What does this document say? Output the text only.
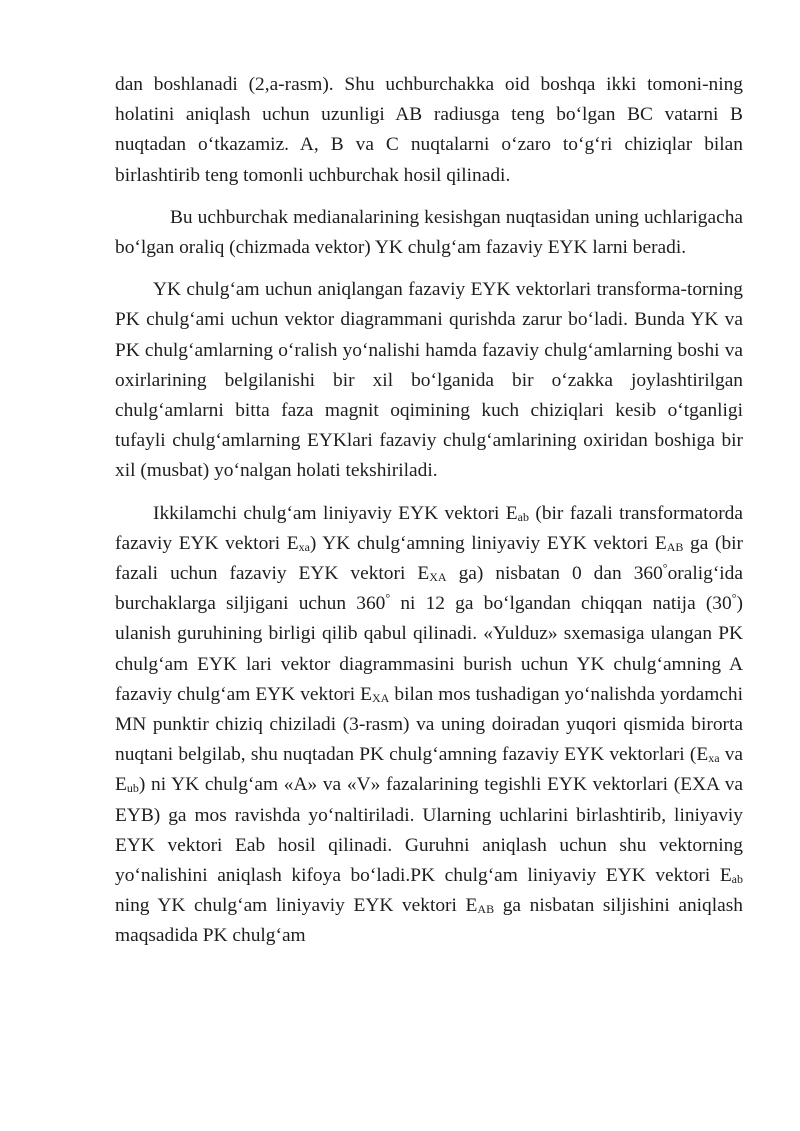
dan boshlanadi (2,a-rasm). Shu uchburchakka oid boshqa ikki tomoni-ning holatini aniqlash uchun uzunligi AB radiusga teng bo‘lgan BC vatarni B nuqtadan o‘tkazamiz. A, B va C nuqtalarni o‘zaro to‘g‘ri chiziqlar bilan birlashtirib teng tomonli uchburchak hosil qilinadi.

Bu uchburchak medianalarining kesishgan nuqtasidan uning uchlarigacha bo‘lgan oraliq (chizmada vektor) YK chulg‘am fazaviy EYK larni beradi.

YK chulg‘am uchun aniqlangan fazaviy EYK vektorlari transforma-torning PK chulg‘ami uchun vektor diagrammani qurishda zarur bo‘ladi. Bunda YK va PK chulg‘amlarning o‘ralish yo‘nalishi hamda fazaviy chulg‘amlarning boshi va oxirlarining belgilanishi bir xil bo‘lganida bir o‘zakka joylashtirilgan chulg‘amlarni bitta faza magnit oqimining kuch chiziqlari kesib o‘tganligi tufayli chulg‘amlarning EYKlari fazaviy chulg‘amlarining oxiridan boshiga bir xil (musbat) yo‘nalgan holati tekshiriladi.

Ikkilamchi chulg‘am liniyaviy EYK vektori $E_{ab}$ (bir fazali transformatorda fazaviy EYK vektori $E_{xa}$) YK chulg‘amning liniyaviy EYK vektori $E_{AB}$ ga (bir fazali uchun fazaviy EYK vektori $E_{XA}$ ga) nisbatan 0 dan 360°oralig‘ida burchaklarga siljigani uchun 360° ni 12 ga bo‘lgandan chiqqan natija (30°) ulanish guruhining birligi qilib qabul qilinadi. «Yulduz» sxemasiga ulangan PK chulg‘am EYK lari vektor diagrammasini burish uchun YK chulg‘amning A fazaviy chulg‘am EYK vektori $E_{XA}$ bilan mos tushadigan yo‘nalishda yordamchi MN punktir chiziq chiziladi (3-rasm) va uning doiradan yuqori qismida birorta nuqtani belgilab, shu nuqtadan PK chulg‘amning fazaviy EYK vektorlari ($E_{xa}$ va $E_{ub}$) ni YK chulg‘am «A» va «V» fazalarining tegishli EYK vektorlari (EXA va EYB) ga mos ravishda yo‘naltiriladi. Ularning uchlarini birlashtirib, liniyaviy EYK vektori Eab hosil qilinadi. Guruhni aniqlash uchun shu vektorning yo‘nalishini aniqlash kifoya bo‘ladi.PK chulg‘am liniyaviy EYK vektori $E_{ab}$ ning YK chulg‘am liniyaviy EYK vektori $E_{AB}$ ga nisbatan siljishini aniqlash maqsadida PK chulg‘am
